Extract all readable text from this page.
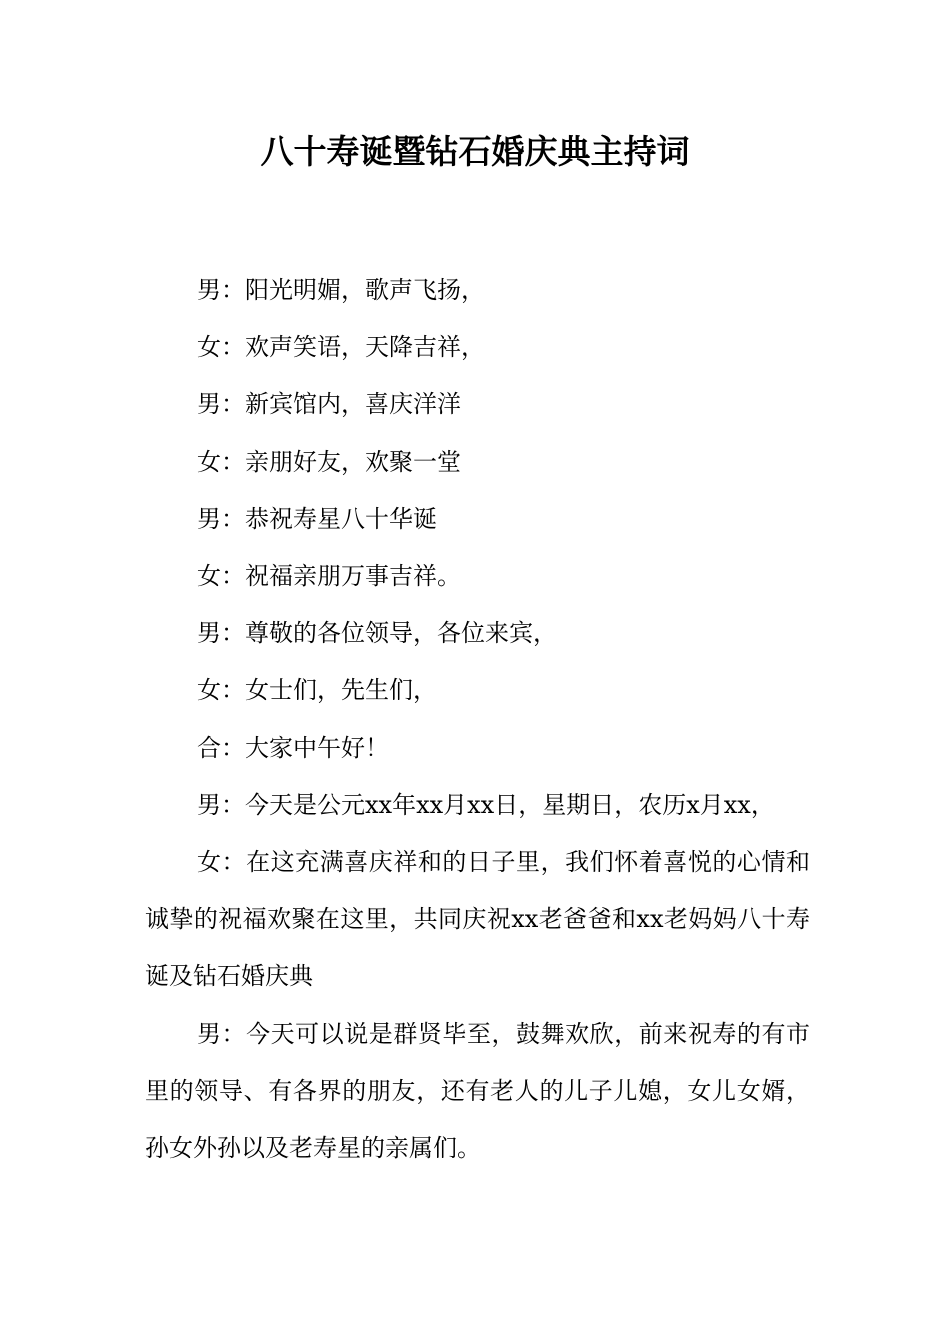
八十寿诞暨钻石婚庆典主持词

男：阳光明媚，歌声飞扬，

女：欢声笑语，天降吉祥，

男：新宾馆内，喜庆洋洋

女：亲朋好友，欢聚一堂

男：恭祝寿星八十华诞

女：祝福亲朋万事吉祥。

男：尊敬的各位领导，各位来宾，

女：女士们，先生们，

合：大家中午好！

男：今天是公元xx年xx月xx日，星期日，农历x月xx，

女：在这充满喜庆祥和的日子里，我们怀着喜悦的心情和诚挚的祝福欢聚在这里，共同庆祝xx老爸爸和xx老妈妈八十寿诞及钻石婚庆典

男：今天可以说是群贤毕至，鼓舞欢欣，前来祝寿的有市里的领导、有各界的朋友，还有老人的儿子儿媳，女儿女婿，孙女外孙以及老寿星的亲属们。
